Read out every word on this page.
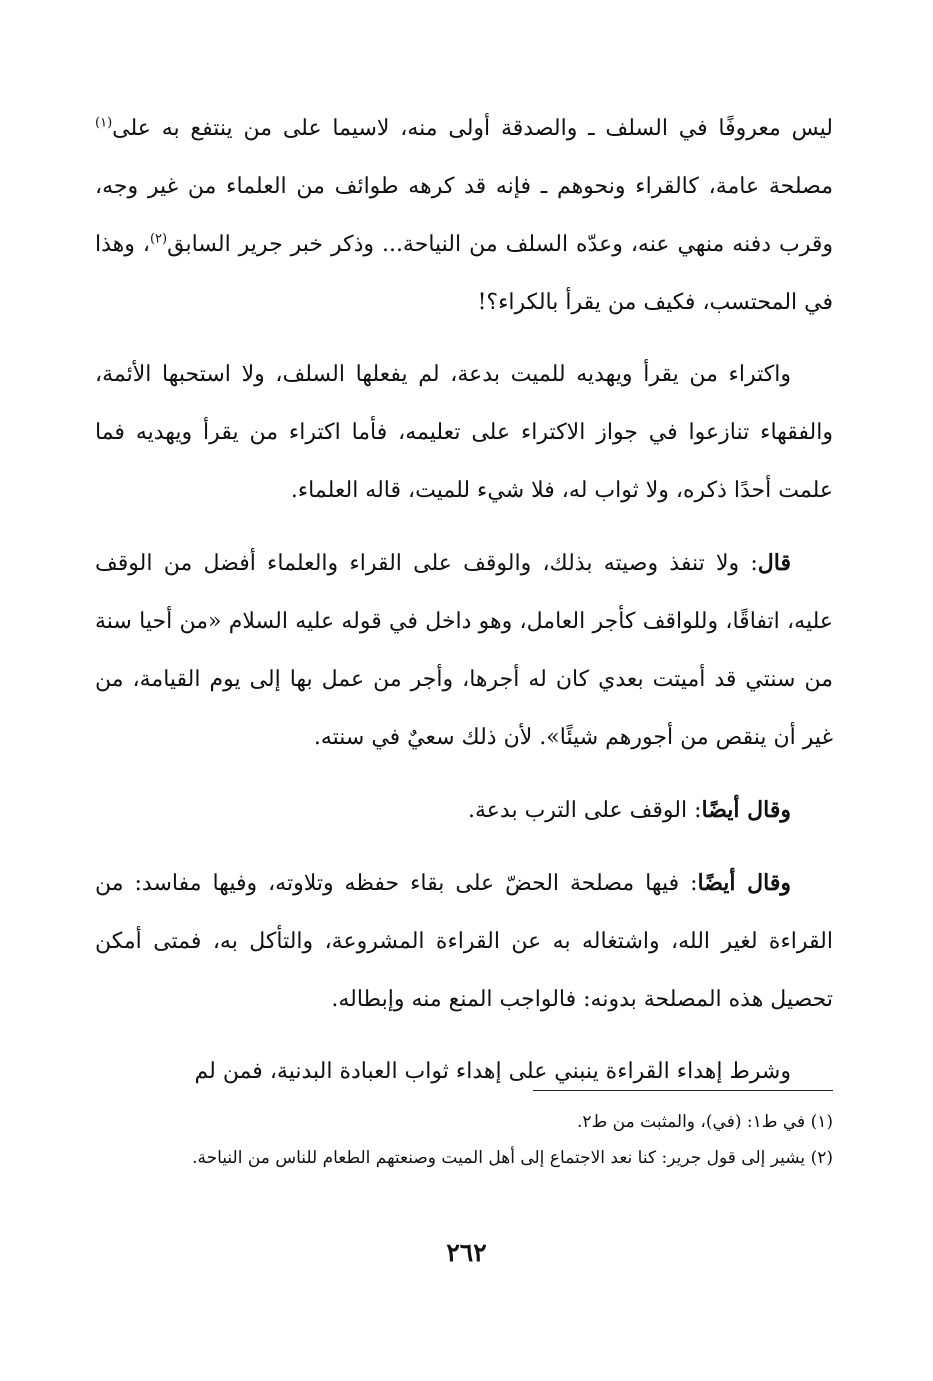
ليس معروفًا في السلف ـ والصدقة أولى منه، لاسيما على من ينتفع به على$^{(١)}$ مصلحة عامة، كالقراء ونحوهم ـ فإنه قد كرهه طوائف من العلماء من غير وجه، وقرب دفنه منهي عنه، وعدّه السلف من النياحة... وذكر خبر جرير السابق$^{(٢)}$، وهذا في المحتسب، فكيف من يقرأ بالكراء؟!

واكتراء من يقرأ ويهديه للميت بدعة، لم يفعلها السلف، ولا استحبها الأئمة، والفقهاء تنازعوا في جواز الاكتراء على تعليمه، فأما اكتراء من يقرأ ويهديه فما علمت أحدًا ذكره، ولا ثواب له، فلا شيء للميت، قاله العلماء.

قال: ولا تنفذ وصيته بذلك، والوقف على القراء والعلماء أفضل من الوقف عليه، اتفاقًا، وللواقف كأجر العامل، وهو داخل في قوله عليه السلام «من أحيا سنة من سنتي قد أميتت بعدي كان له أجرها، وأجر من عمل بها إلى يوم القيامة، من غير أن ينقص من أجورهم شيئًا». لأن ذلك سعيٌ في سنته.

وقال أيضًا: الوقف على الترب بدعة.

وقال أيضًا: فيها مصلحة الحضّ على بقاء حفظه وتلاوته، وفيها مفاسد: من القراءة لغير الله، واشتغاله به عن القراءة المشروعة، والتأكل به، فمتى أمكن تحصيل هذه المصلحة بدونه: فالواجب المنع منه وإبطاله.

وشرط إهداء القراءة ينبني على إهداء ثواب العبادة البدنية، فمن لم

(١) في ط١: (في)، والمثبت من ط٢.

(٢) يشير إلى قول جرير: كنا نعد الاجتماع إلى أهل الميت وصنعتهم الطعام للناس من النياحة.

٢٦٢
